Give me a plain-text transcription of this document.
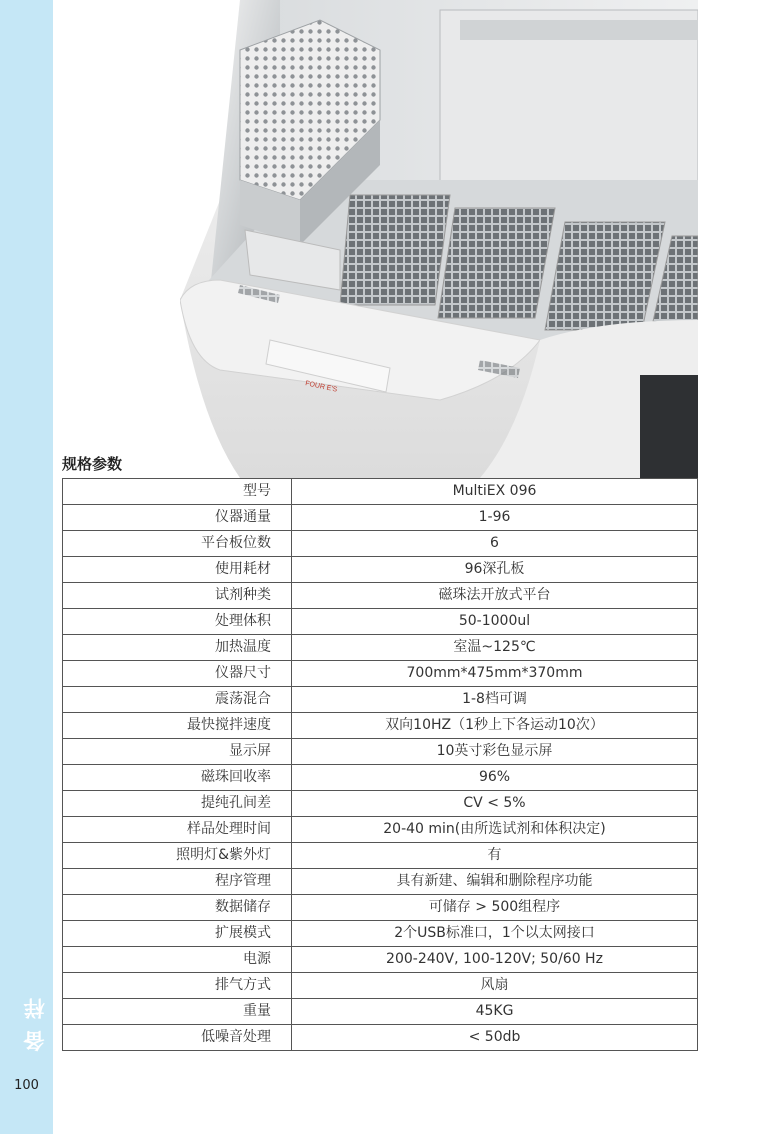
备 样
100
FOUR E'S
规格参数
型号	MultiEX 096
仪器通量	1-96
平台板位数	6
使用耗材	96深孔板
试剂种类	磁珠法开放式平台
处理体积	50-1000ul
加热温度	室温~125℃
仪器尺寸	700mm*475mm*370mm
震荡混合	1-8档可调
最快搅拌速度	双向10HZ（1秒上下各运动10次）
显示屏	10英寸彩色显示屏
磁珠回收率	96%
提纯孔间差	CV < 5%
样品处理时间	20-40 min(由所选试剂和体积决定)
照明灯&紫外灯	有
程序管理	具有新建、编辑和删除程序功能
数据储存	可储存 > 500组程序
扩展模式	2个USB标准口，1个以太网接口
电源	200-240V, 100-120V; 50/60 Hz
排气方式	风扇
重量	45KG
低噪音处理	< 50db
